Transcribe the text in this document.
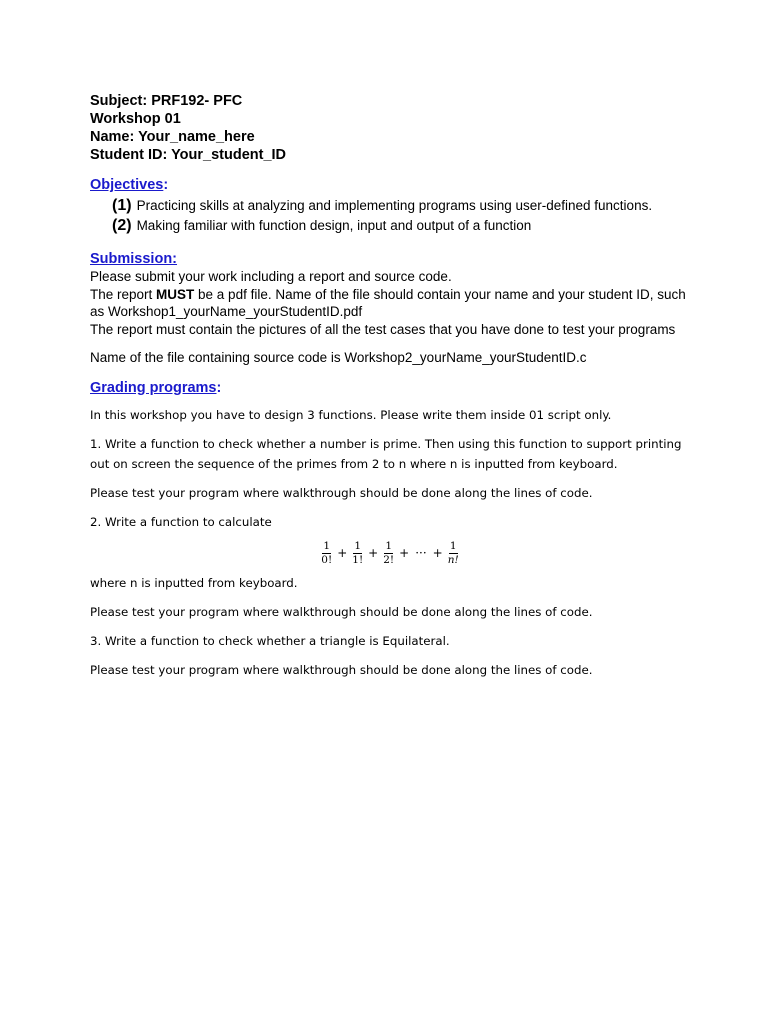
Subject: PRF192- PFC
Workshop 01
Name: Your_name_here
Student ID: Your_student_ID
Objectives:
(1) Practicing skills at analyzing and implementing programs using user-defined functions.
(2) Making familiar with function design, input and output of a function
Submission:
Please submit your work including a report and source code.
The report MUST be a pdf file. Name of the file should contain your name and your student ID, such as Workshop1_yourName_yourStudentID.pdf
The report must contain the pictures of all the test cases that you have done to test your programs
Name of the file containing source code is Workshop2_yourName_yourStudentID.c
Grading programs:
In this workshop you have to design 3 functions. Please write them inside 01 script only.
1. Write a function to check whether a number is prime. Then using this function to support printing out on screen the sequence of the primes from 2 to n where n is inputted from keyboard.
Please test your program where walkthrough should be done along the lines of code.
2. Write a function to calculate
$\frac{1}{0!} + \frac{1}{1!} + \frac{1}{2!}$ + ··· + $\frac{1}{n!}$
where n is inputted from keyboard.
Please test your program where walkthrough should be done along the lines of code.
3. Write a function to check whether a triangle is Equilateral.
Please test your program where walkthrough should be done along the lines of code.
